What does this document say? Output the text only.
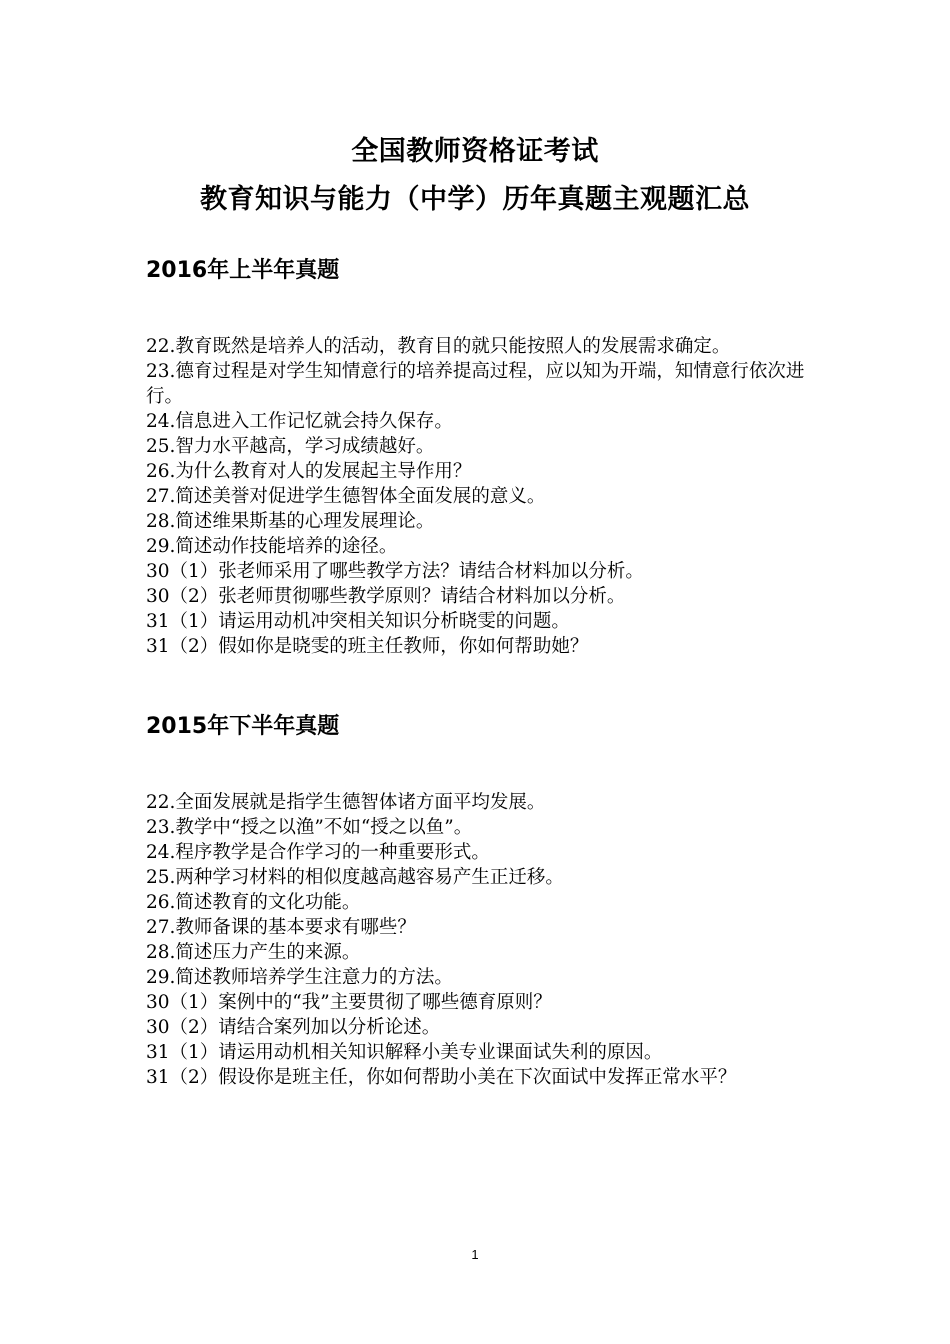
全国教师资格证考试
教育知识与能力（中学）历年真题主观题汇总
2016年上半年真题
22.教育既然是培养人的活动，教育目的就只能按照人的发展需求确定。
23.德育过程是对学生知情意行的培养提高过程，应以知为开端，知情意行依次进行。
24.信息进入工作记忆就会持久保存。
25.智力水平越高，学习成绩越好。
26.为什么教育对人的发展起主导作用？
27.简述美誉对促进学生德智体全面发展的意义。
28.简述维果斯基的心理发展理论。
29.简述动作技能培养的途径。
30（1）张老师采用了哪些教学方法？请结合材料加以分析。
30（2）张老师贯彻哪些教学原则？请结合材料加以分析。
31（1）请运用动机冲突相关知识分析晓雯的问题。
31（2）假如你是晓雯的班主任教师，你如何帮助她？
2015年下半年真题
22.全面发展就是指学生德智体诸方面平均发展。
23.教学中“授之以渔”不如“授之以鱼”。
24.程序教学是合作学习的一种重要形式。
25.两种学习材料的相似度越高越容易产生正迁移。
26.简述教育的文化功能。
27.教师备课的基本要求有哪些？
28.简述压力产生的来源。
29.简述教师培养学生注意力的方法。
30（1）案例中的“我”主要贯彻了哪些德育原则？
30（2）请结合案列加以分析论述。
31（1）请运用动机相关知识解释小美专业课面试失利的原因。
31（2）假设你是班主任，你如何帮助小美在下次面试中发挥正常水平？
1
